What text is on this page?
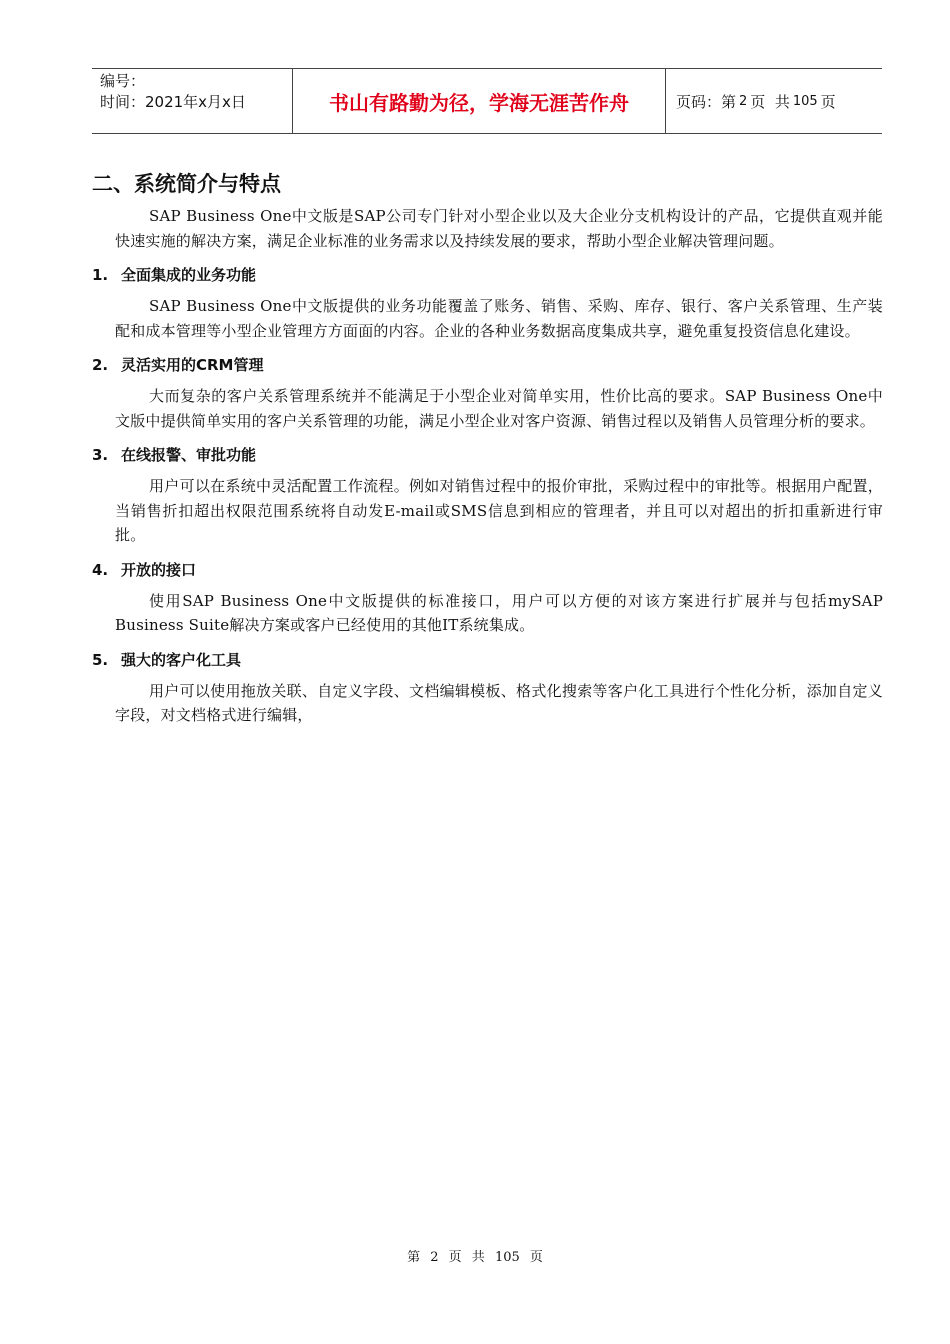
编号：
时间：2021年x月x日	书山有路勤为径，学海无涯苦作舟	页码：第 2 页  共 105 页
二、系统简介与特点

SAP Business One中文版是SAP公司专门针对小型企业以及大企业分支机构设计的产品，它提供直观并能快速实施的解决方案，满足企业标准的业务需求以及持续发展的要求，帮助小型企业解决管理问题。

1. 全面集成的业务功能

SAP Business One中文版提供的业务功能覆盖了账务、销售、采购、库存、银行、客户关系管理、生产装配和成本管理等小型企业管理方方面面的内容。企业的各种业务数据高度集成共享，避免重复投资信息化建设。

2. 灵活实用的CRM管理

大而复杂的客户关系管理系统并不能满足于小型企业对简单实用，性价比高的要求。SAP Business One中文版中提供简单实用的客户关系管理的功能，满足小型企业对客户资源、销售过程以及销售人员管理分析的要求。

3. 在线报警、审批功能

用户可以在系统中灵活配置工作流程。例如对销售过程中的报价审批，采购过程中的审批等。根据用户配置，当销售折扣超出权限范围系统将自动发E-mail或SMS信息到相应的管理者，并且可以对超出的折扣重新进行审批。

4. 开放的接口

使用SAP Business One中文版提供的标准接口，用户可以方便的对该方案进行扩展并与包括mySAP Business Suite解决方案或客户已经使用的其他IT系统集成。

5. 强大的客户化工具

用户可以使用拖放关联、自定义字段、文档编辑模板、格式化搜索等客户化工具进行个性化分析，添加自定义字段，对文档格式进行编辑，

第 2 页 共 105 页
